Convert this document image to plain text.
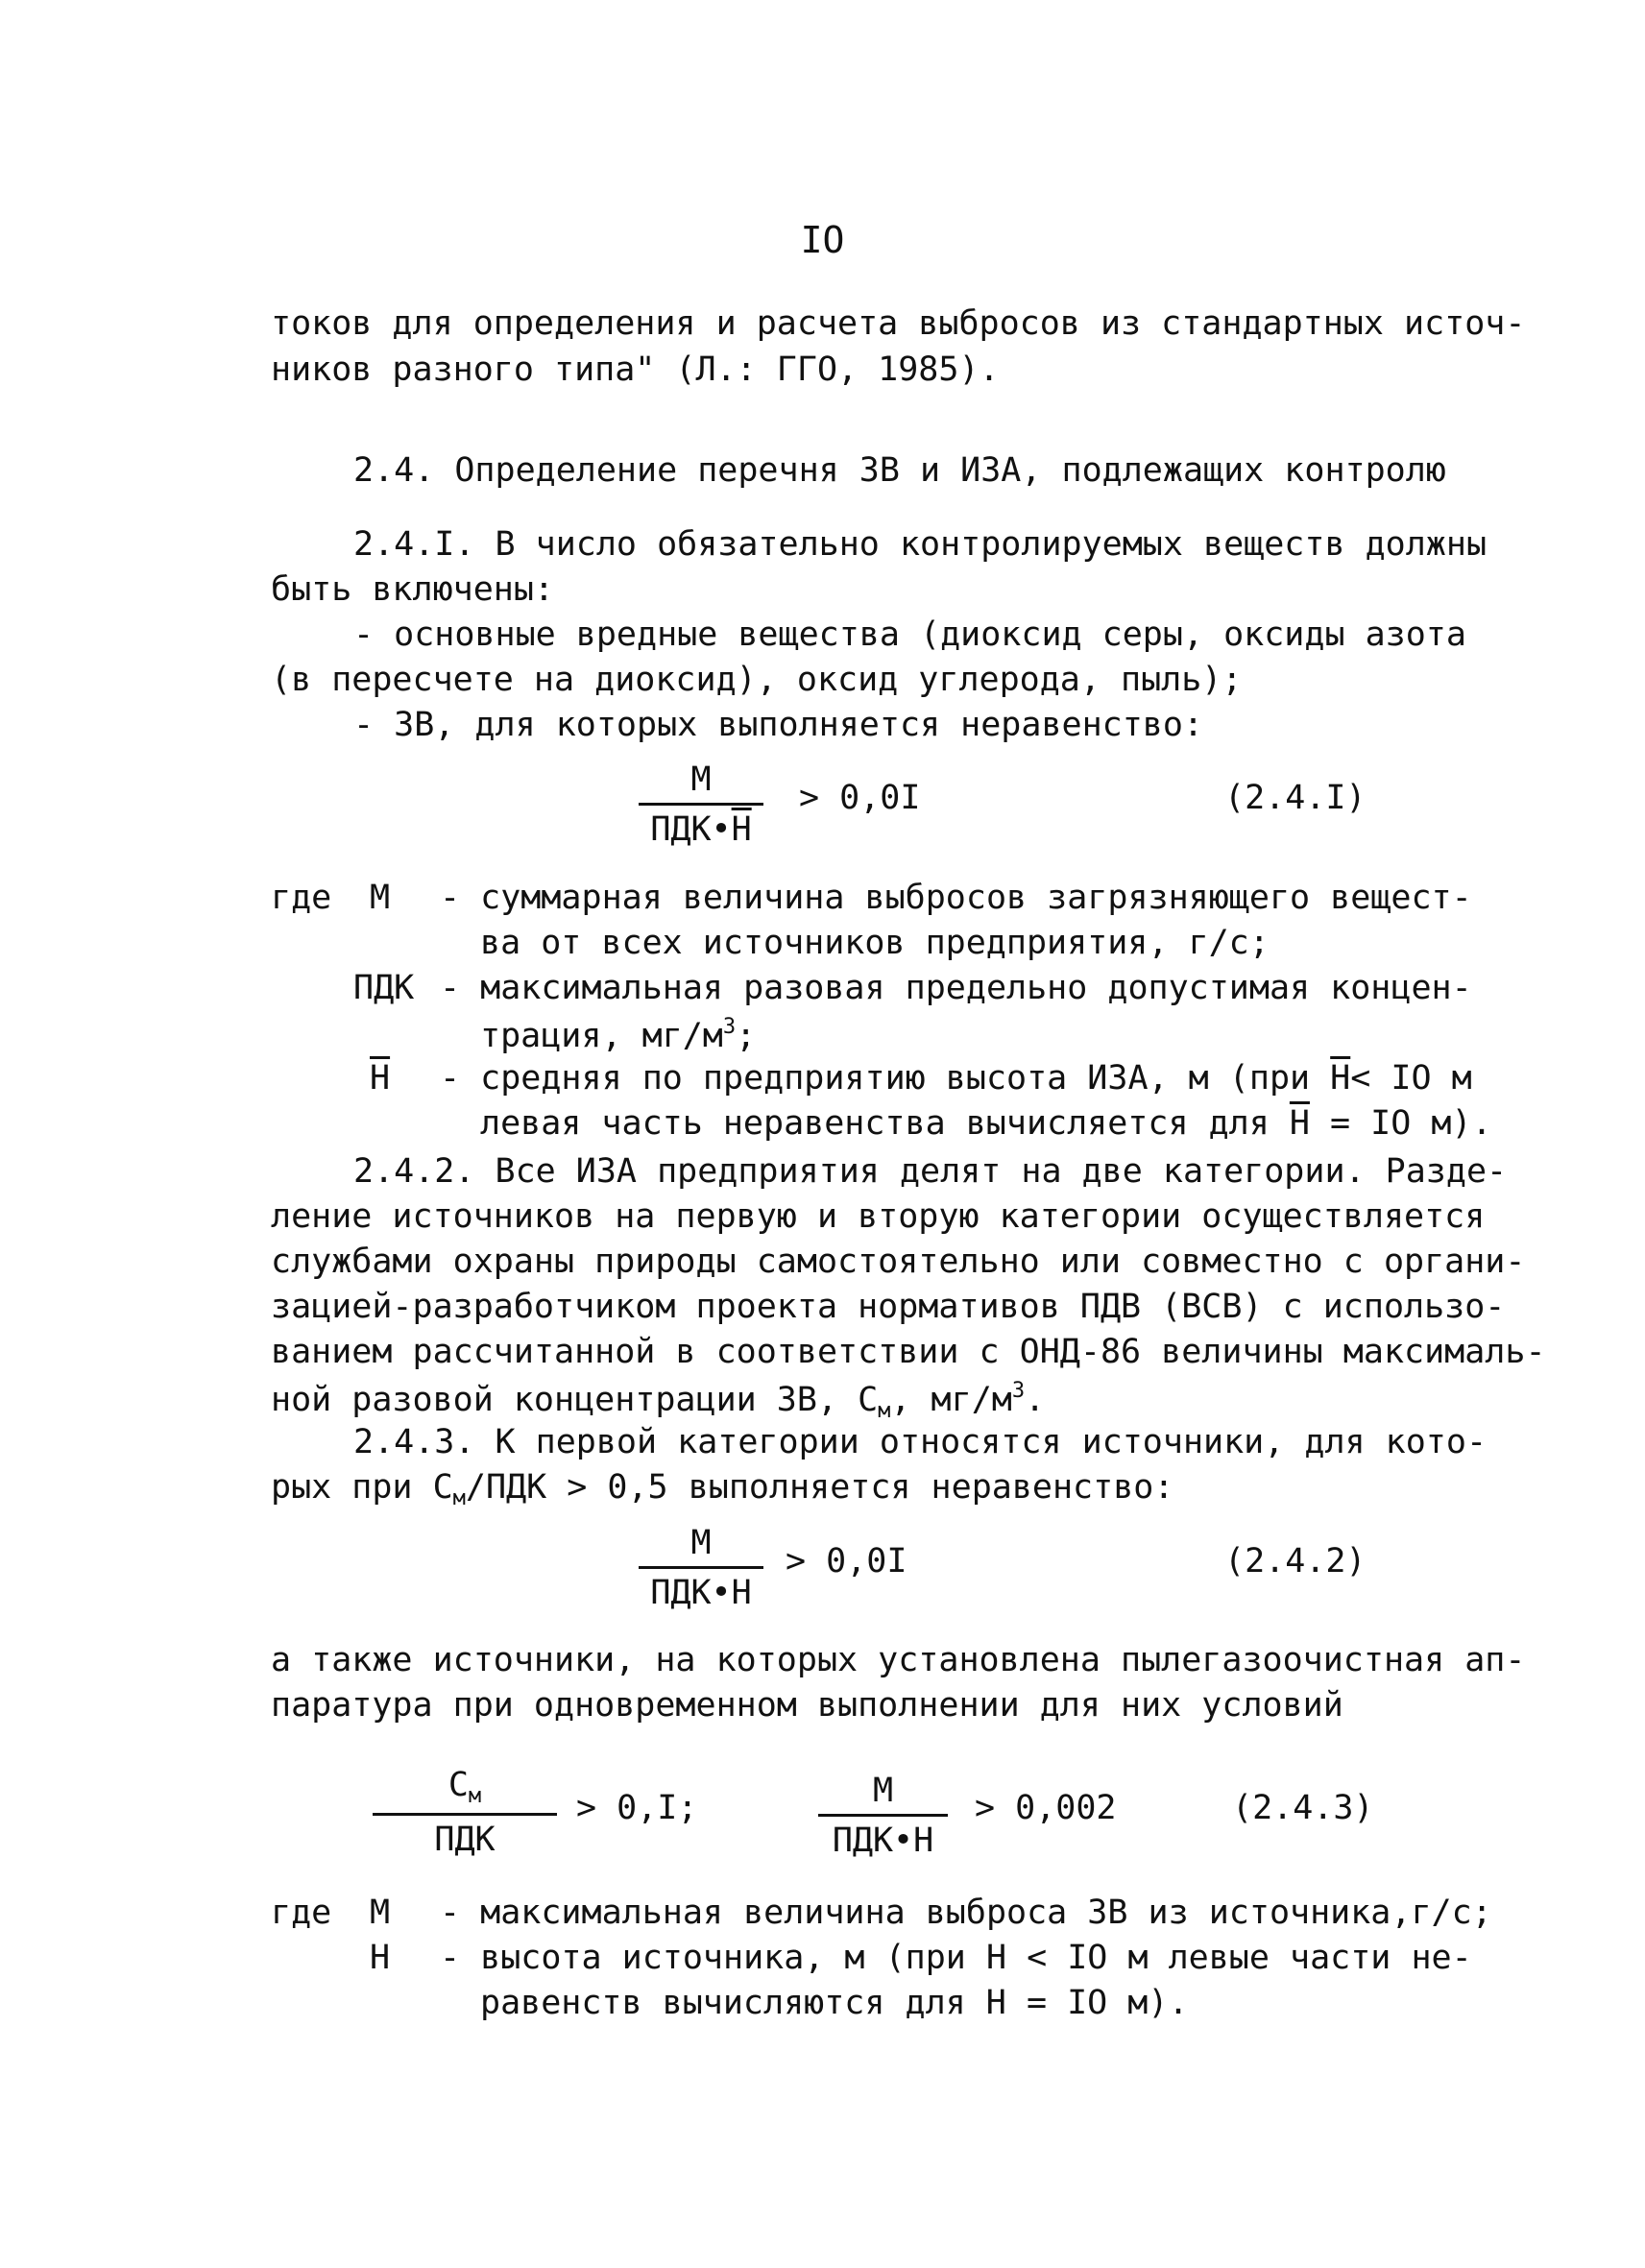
IO
токов для определения и расчета выбросов из стандартных источ-
ников разного типа" (Л.: ГГО, 1985).
2.4. Определение перечня ЗВ и ИЗА, подлежащих контролю
2.4.I. В число обязательно контролируемых веществ должны
быть включены:
- основные вредные вещества (диоксид серы, оксиды азота
(в пересчете на диоксид), оксид углерода, пыль);
- ЗВ, для которых выполняется неравенство:
М
ПДК•Н
> 0,0I	(2.4.I)
где М - суммарная величина выбросов загрязняющего вещест-
ва от всех источников предприятия, г/с;
ПДК - максимальная разовая предельно допустимая концен-
трация, $мг/м^3$;
Н - средняя по предприятию высота ИЗА, м (при Н< IO м
левая часть неравенства вычисляется для Н = IO м).
2.4.2. Все ИЗА предприятия делят на две категории. Разде-
ление источников на первую и вторую категории осуществляется
службами охраны природы самостоятельно или совместно с органи-
зацией-разработчиком проекта нормативов ПДВ (ВСВ) с использо-
ванием рассчитанной в соответствии с ОНД-86 величины максималь-
ной разовой концентрации ЗВ, $С_м$, $мг/м^3$.
2.4.3. К первой категории относятся источники, для кото-
рых при $С_м$/ПДК > 0,5 выполняется неравенство:
М
ПДК•Н
> 0,0I	(2.4.2)
а также источники, на которых установлена пылегазоочистная ап-
паратура при одновременном выполнении для них условий
$С_м$
ПДК
> 0,I;	М
ПДК•Н
> 0,002	(2.4.3)
где М - максимальная величина выброса ЗВ из источника,г/с;
Н - высота источника, м (при Н < IO м левые части не-
равенств вычисляются для Н = IO м).
